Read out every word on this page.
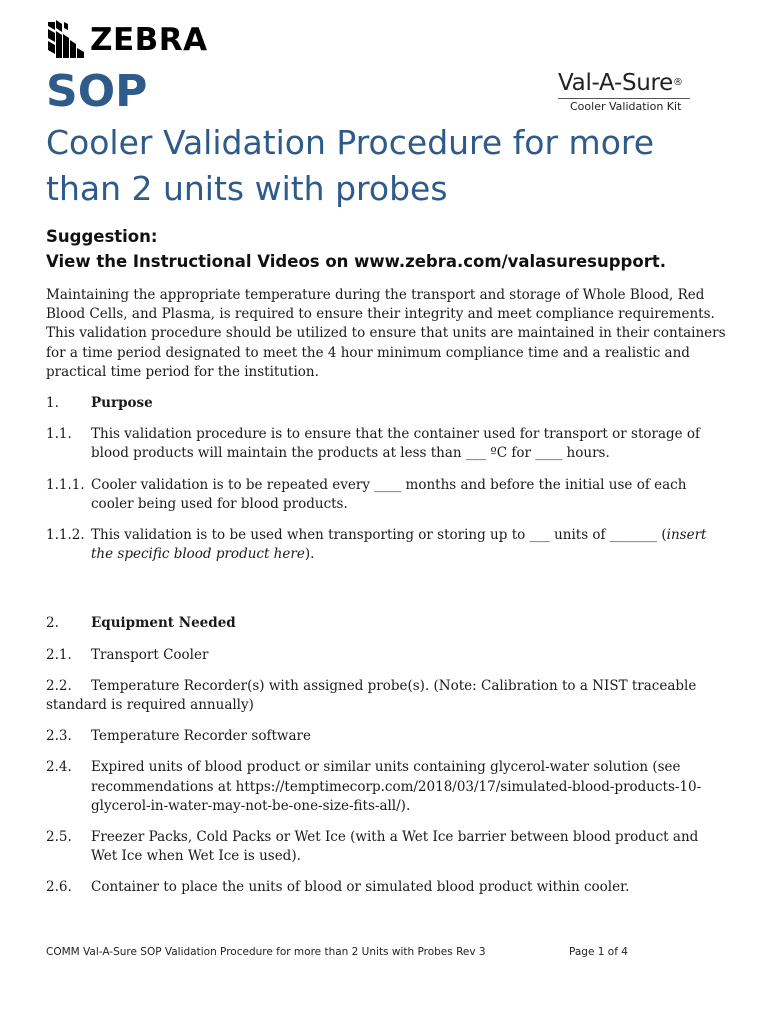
ZEBRA
SOP	Val-A-Sure®
Cooler Validation Kit
Cooler Validation Procedure for more than 2 units with probes
Suggestion:
View the Instructional Videos on www.zebra.com/valasuresupport.

Maintaining the appropriate temperature during the transport and storage of Whole Blood, Red Blood Cells, and Plasma, is required to ensure their integrity and meet compliance requirements. This validation procedure should be utilized to ensure that units are maintained in their containers for a time period designated to meet the 4 hour minimum compliance time and a realistic and practical time period for the institution.

1.	Purpose
1.1.	This validation procedure is to ensure that the container used for transport or storage of blood products will maintain the products at less than ___ ºC for ____ hours.
1.1.1. Cooler validation is to be repeated every ____ months and before the initial use of each cooler being used for blood products.
1.1.2. This validation is to be used when transporting or storing up to ___ units of _______ (insert the specific blood product here).
2.	Equipment Needed
2.1.	Transport Cooler
2.2. Temperature Recorder(s) with assigned probe(s). (Note: Calibration to a NIST traceable standard is required annually)
2.3.	Temperature Recorder software
2.4.	Expired units of blood product or similar units containing glycerol-water solution (see recommendations at https://temptimecorp.com/2018/03/17/simulated-blood-products-10-glycerol-in-water-may-not-be-one-size-fits-all/).
2.5.	Freezer Packs, Cold Packs or Wet Ice (with a Wet Ice barrier between blood product and Wet Ice when Wet Ice is used).
2.6.	Container to place the units of blood or simulated blood product within cooler.
COMM Val-A-Sure SOP Validation Procedure for more than 2 Units with Probes Rev 3	Page 1 of 4
